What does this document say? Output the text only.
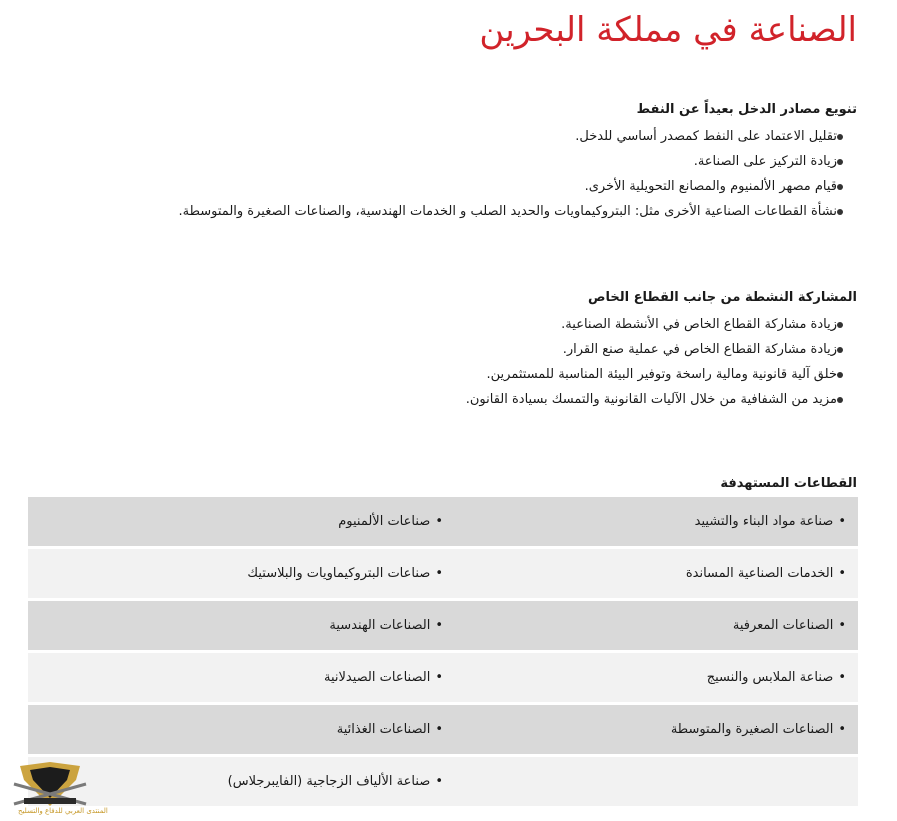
الصناعة في مملكة البحرين
تنويع مصادر الدخل بعيداً عن النفط
تقليل الاعتماد على النفط كمصدر أساسي للدخل.
زيادة التركيز على الصناعة.
قيام مصهر الألمنيوم والمصانع التحويلية الأخرى.
نشأة القطاعات الصناعية الأخرى مثل: البتروكيماويات والحديد الصلب و الخدمات الهندسية، والصناعات الصغيرة والمتوسطة.
المشاركة النشطة من جانب القطاع الخاص
زيادة مشاركة القطاع الخاص في الأنشطة الصناعية.
زيادة مشاركة القطاع الخاص في عملية صنع القرار.
خلق آلية قانونية ومالية راسخة وتوفير البيئة المناسبة للمستثمرين.
مزيد من الشفافية من خلال الآليات القانونية والتمسك بسيادة القانون.
القطاعات المستهدفة
•صناعة مواد البناء والتشييد
•صناعات الألمنيوم
•الخدمات الصناعية المساندة
•صناعات البتروكيماويات والبلاستيك
•الصناعات المعرفية
•الصناعات الهندسية
•صناعة الملابس والنسيج
•الصناعات الصيدلانية
•الصناعات الصغيرة والمتوسطة
•الصناعات الغذائية
•صناعة الألياف الزجاجية (الفايبرجلاس)
المنتدى العربي للدفاع والتسليح
